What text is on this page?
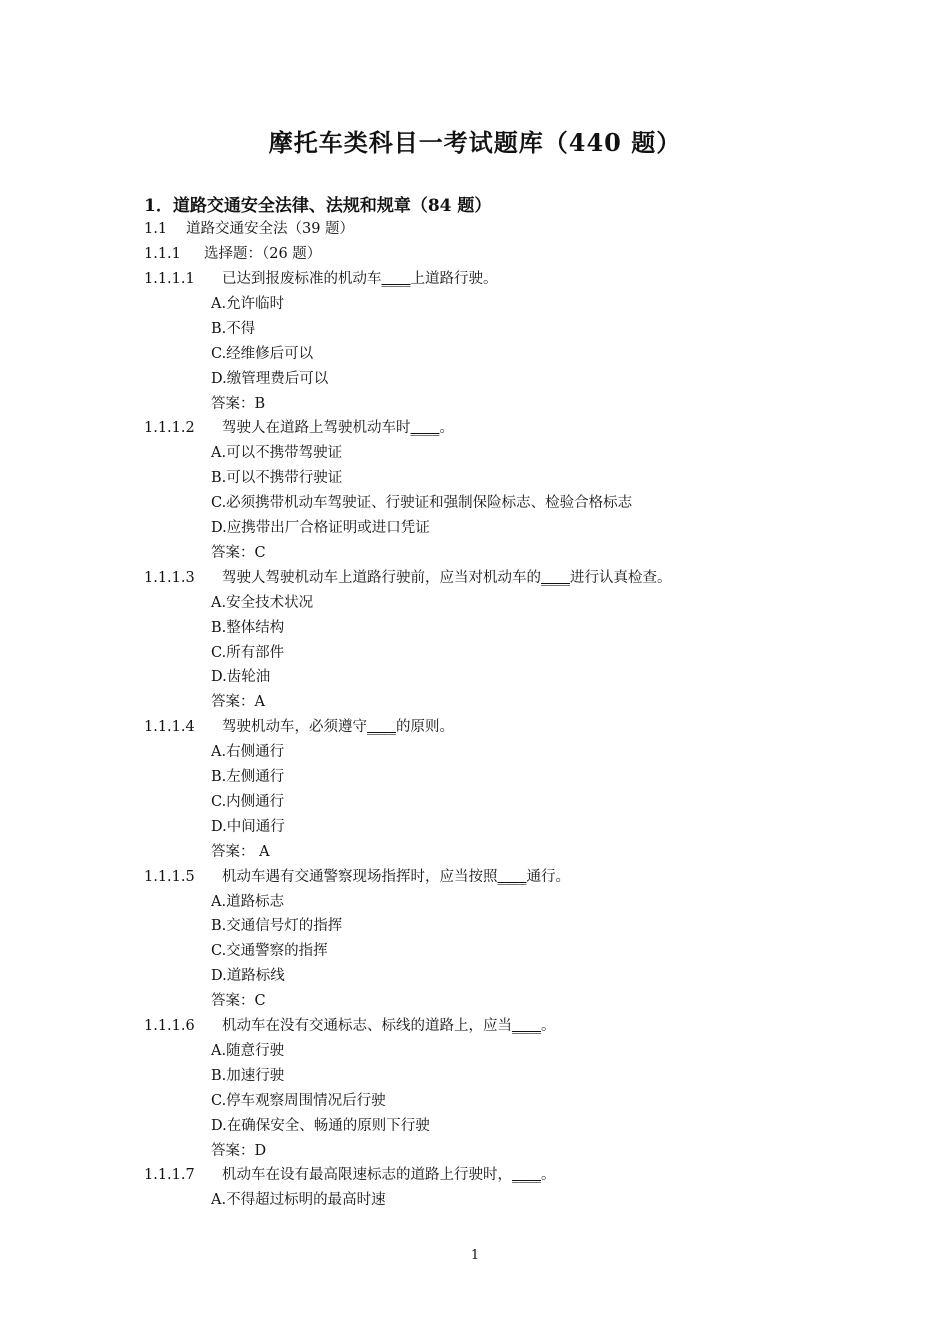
摩托车类科目一考试题库（440 题）
1．道路交通安全法律、法规和规章（84 题）
1.1 道路交通安全法（39 题）
1.1.1 选择题：（26 题）
1.1.1.1 已达到报废标准的机动车____上道路行驶。
A.允许临时
B.不得
C.经维修后可以
D.缴管理费后可以
答案：B
1.1.1.2 驾驶人在道路上驾驶机动车时____。
A.可以不携带驾驶证
B.可以不携带行驶证
C.必须携带机动车驾驶证、行驶证和强制保险标志、检验合格标志
D.应携带出厂合格证明或进口凭证
答案：C
1.1.1.3 驾驶人驾驶机动车上道路行驶前，应当对机动车的____进行认真检查。
A.安全技术状况
B.整体结构
C.所有部件
D.齿轮油
答案：A
1.1.1.4 驾驶机动车，必须遵守____的原则。
A.右侧通行
B.左侧通行
C.内侧通行
D.中间通行
答案： A
1.1.1.5 机动车遇有交通警察现场指挥时，应当按照____通行。
A.道路标志
B.交通信号灯的指挥
C.交通警察的指挥
D.道路标线
答案：C
1.1.1.6 机动车在没有交通标志、标线的道路上，应当____。
A.随意行驶
B.加速行驶
C.停车观察周围情况后行驶
D.在确保安全、畅通的原则下行驶
答案：D
1.1.1.7 机动车在设有最高限速标志的道路上行驶时，____。
A.不得超过标明的最高时速
1
